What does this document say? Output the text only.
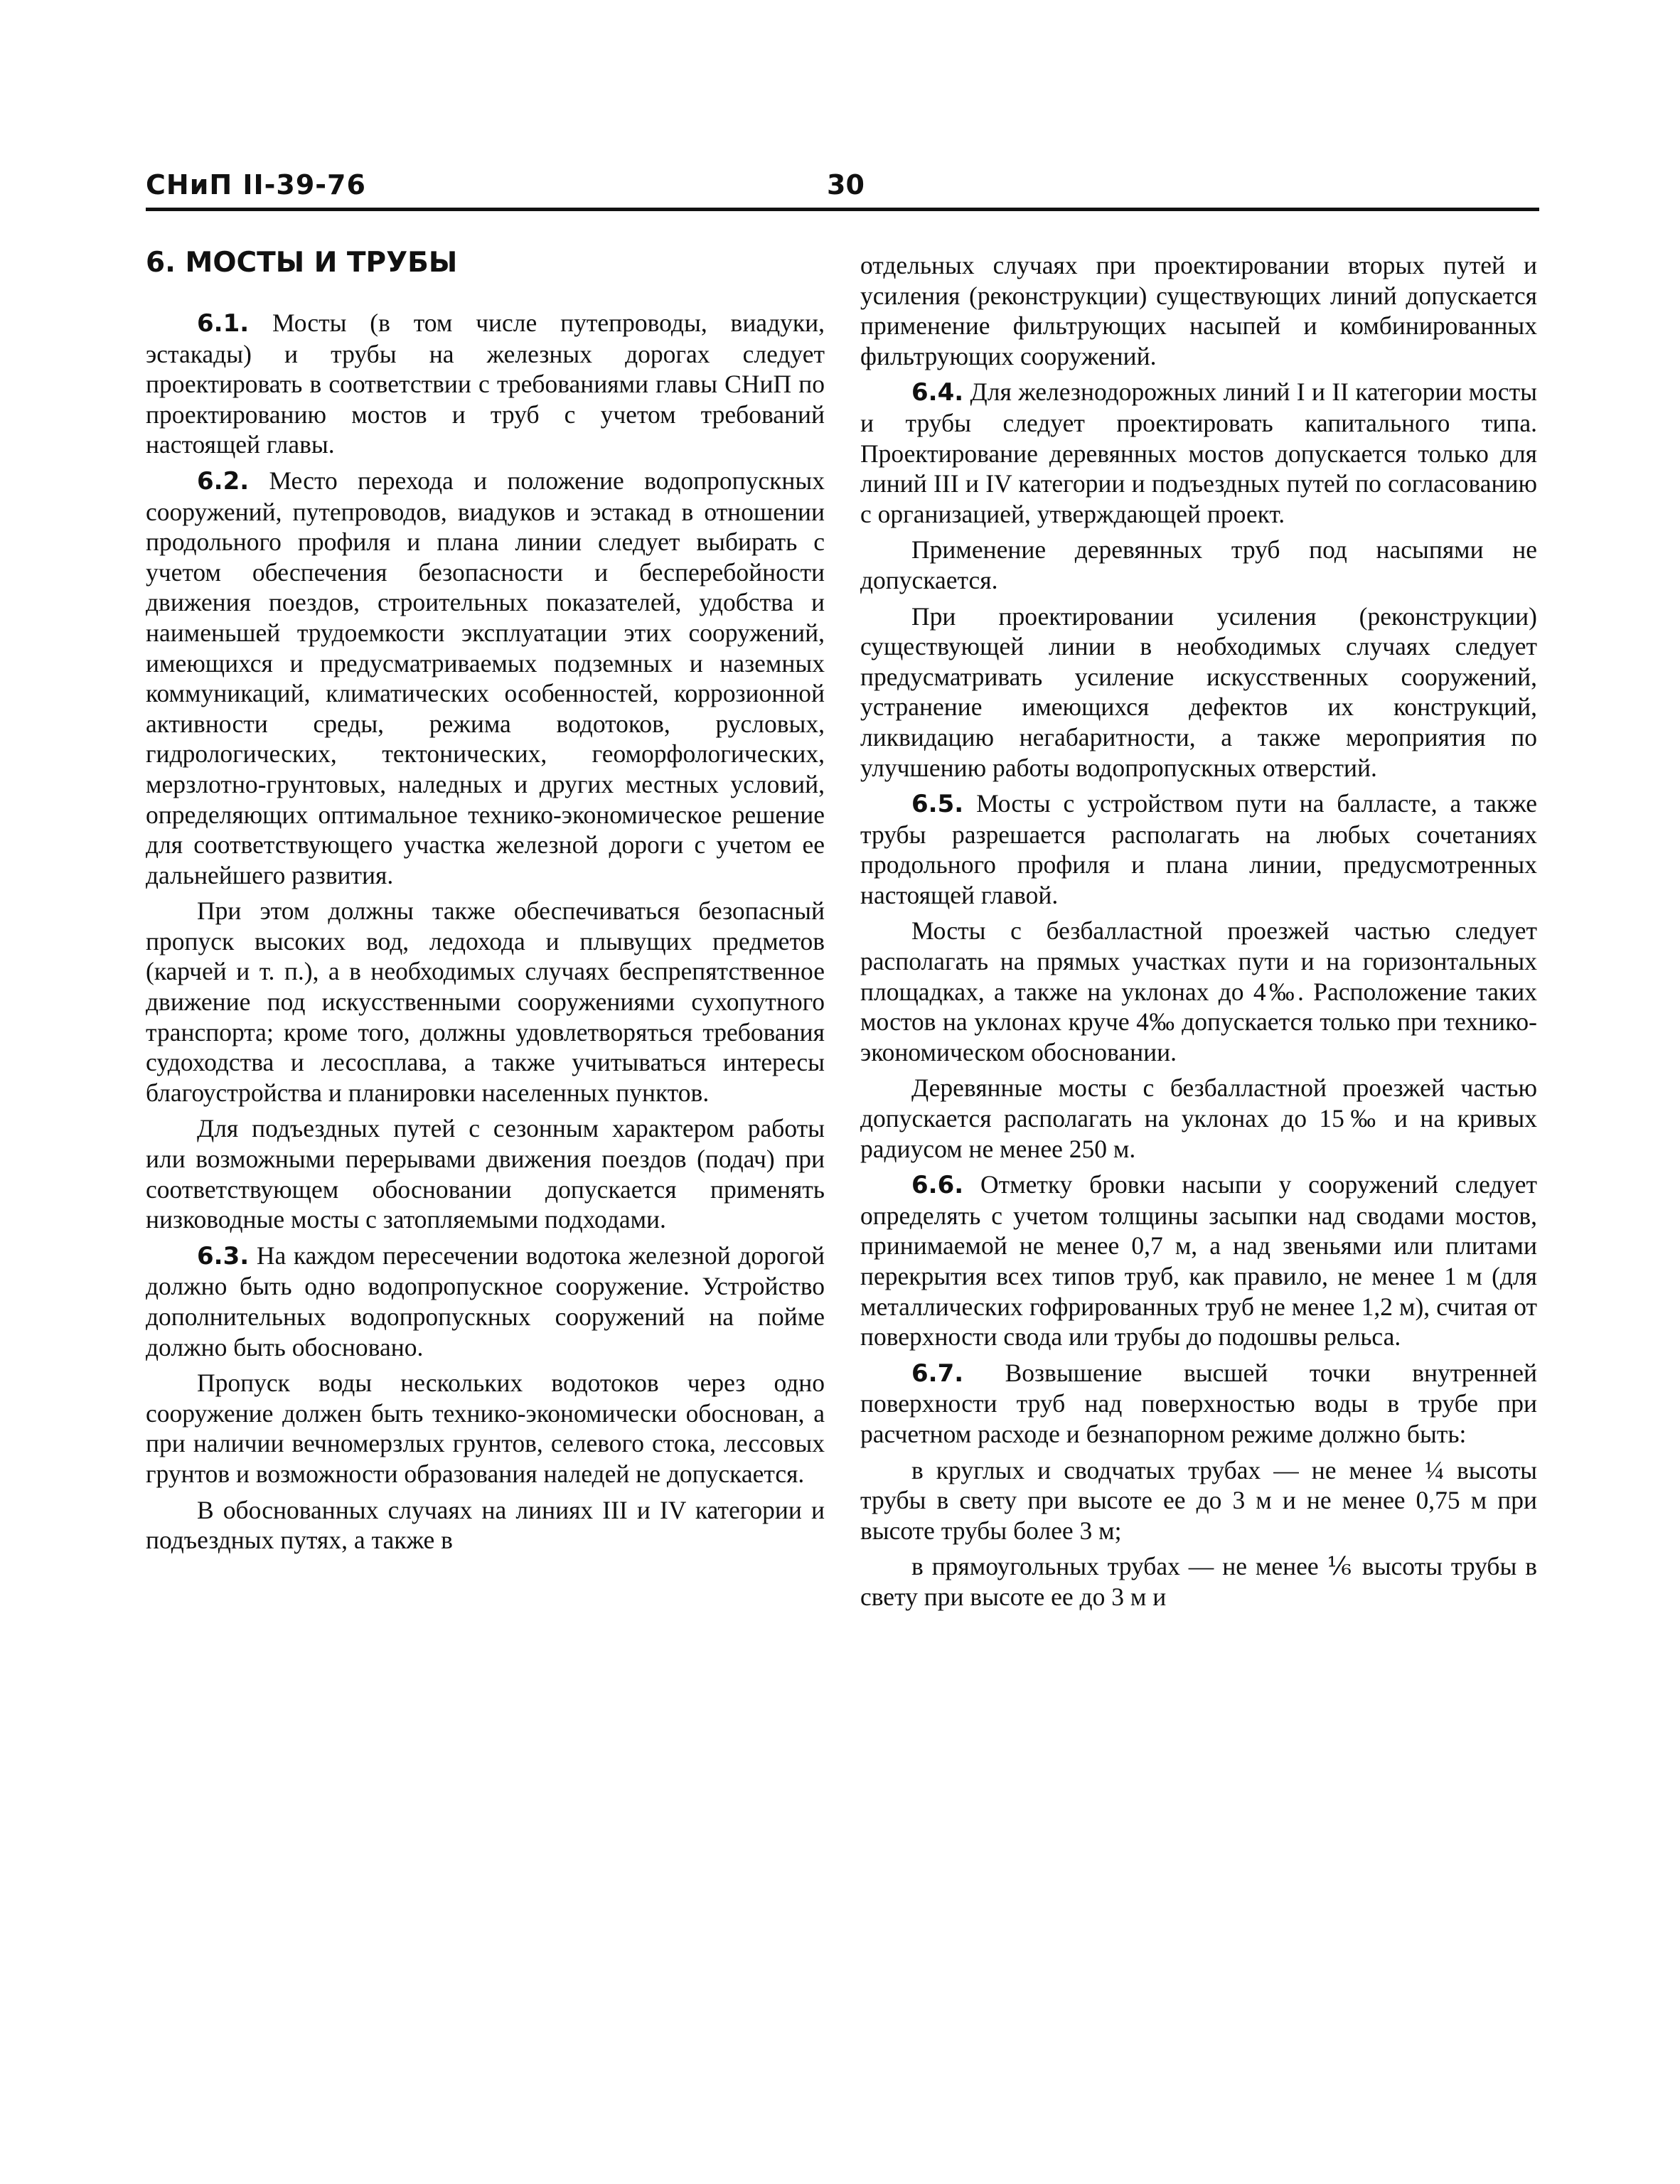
СНиП II-39-76	30
6. МОСТЫ И ТРУБЫ

6.1. Мосты (в том числе путепроводы, виадуки, эстакады) и трубы на железных дорогах следует проектировать в соответствии с требованиями главы СНиП по проектированию мостов и труб с учетом требований настоящей главы.

6.2. Место перехода и положение водопропускных сооружений, путепроводов, виадуков и эстакад в отношении продольного профиля и плана линии следует выбирать с учетом обеспечения безопасности и бесперебойности движения поездов, строительных показателей, удобства и наименьшей трудоемкости эксплуатации этих сооружений, имеющихся и предусматриваемых подземных и наземных коммуникаций, климатических особенностей, коррозионной активности среды, режима водотоков, русловых, гидрологических, тектонических, геоморфологических, мерзлотно-грунтовых, наледных и других местных условий, определяющих оптимальное технико-экономическое решение для соответствующего участка железной дороги с учетом ее дальнейшего развития.

При этом должны также обеспечиваться безопасный пропуск высоких вод, ледохода и плывущих предметов (карчей и т. п.), а в необходимых случаях беспрепятственное движение под искусственными сооружениями сухопутного транспорта; кроме того, должны удовлетворяться требования судоходства и лесосплава, а также учитываться интересы благоустройства и планировки населенных пунктов.

Для подъездных путей с сезонным характером работы или возможными перерывами движения поездов (подач) при соответствующем обосновании допускается применять низководные мосты с затопляемыми подходами.

6.3. На каждом пересечении водотока железной дорогой должно быть одно водопропускное сооружение. Устройство дополнительных водопропускных сооружений на пойме должно быть обосновано.

Пропуск воды нескольких водотоков через одно сооружение должен быть технико-экономически обоснован, а при наличии вечномерзлых грунтов, селевого стока, лессовых грунтов и возможности образования наледей не допускается.

В обоснованных случаях на линиях III и IV категории и подъездных путях, а также в

отдельных случаях при проектировании вторых путей и усиления (реконструкции) существующих линий допускается применение фильтрующих насыпей и комбинированных фильтрующих сооружений.

6.4. Для железнодорожных линий I и II категории мосты и трубы следует проектировать капитального типа. Проектирование деревянных мостов допускается только для линий III и IV категории и подъездных путей по согласованию с организацией, утверждающей проект.

Применение деревянных труб под насыпями не допускается.

При проектировании усиления (реконструкции) существующей линии в необходимых случаях следует предусматривать усиление искусственных сооружений, устранение имеющихся дефектов их конструкций, ликвидацию негабаритности, а также мероприятия по улучшению работы водопропускных отверстий.

6.5. Мосты с устройством пути на балласте, а также трубы разрешается располагать на любых сочетаниях продольного профиля и плана линии, предусмотренных настоящей главой.

Мосты с безбалластной проезжей частью следует располагать на прямых участках пути и на горизонтальных площадках, а также на уклонах до 4‰. Расположение таких мостов на уклонах круче 4‰ допускается только при технико-экономическом обосновании.

Деревянные мосты с безбалластной проезжей частью допускается располагать на уклонах до 15‰ и на кривых радиусом не менее 250 м.

6.6. Отметку бровки насыпи у сооружений следует определять с учетом толщины засыпки над сводами мостов, принимаемой не менее 0,7 м, а над звеньями или плитами перекрытия всех типов труб, как правило, не менее 1 м (для металлических гофрированных труб не менее 1,2 м), считая от поверхности свода или трубы до подошвы рельса.

6.7. Возвышение высшей точки внутренней поверхности труб над поверхностью воды в трубе при расчетном расходе и безнапорном режиме должно быть:

в круглых и сводчатых трубах — не менее ¼ высоты трубы в свету при высоте ее до 3 м и не менее 0,75 м при высоте трубы более 3 м;

в прямоугольных трубах — не менее ⅙ высоты трубы в свету при высоте ее до 3 м и
